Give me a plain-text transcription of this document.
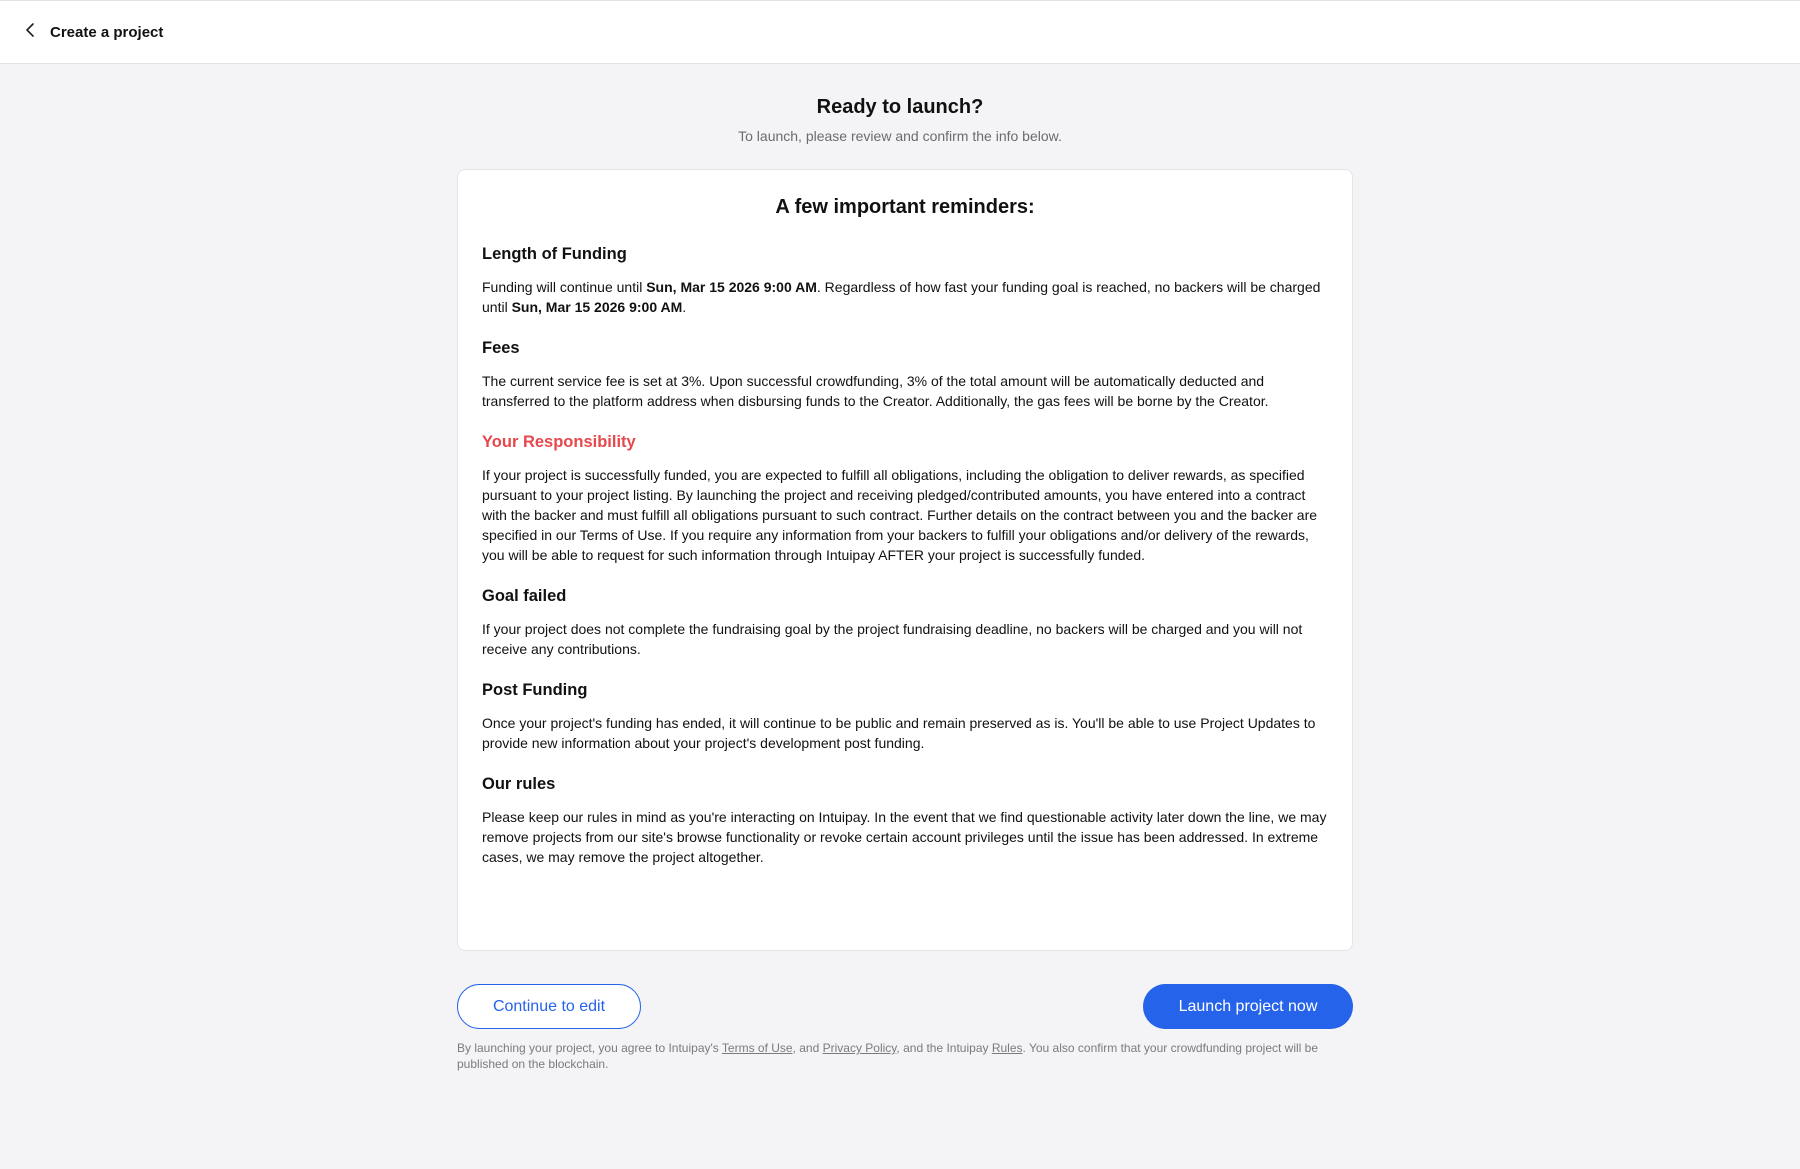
Create a project
Ready to launch?
To launch, please review and confirm the info below.
A few important reminders:
Length of Funding
Funding will continue until Sun, Mar 15 2026 9:00 AM. Regardless of how fast your funding goal is reached, no backers will be charged until Sun, Mar 15 2026 9:00 AM.
Fees
The current service fee is set at 3%. Upon successful crowdfunding, 3% of the total amount will be automatically deducted and transferred to the platform address when disbursing funds to the Creator. Additionally, the gas fees will be borne by the Creator.
Your Responsibility
If your project is successfully funded, you are expected to fulfill all obligations, including the obligation to deliver rewards, as specified pursuant to your project listing. By launching the project and receiving pledged/contributed amounts, you have entered into a contract with the backer and must fulfill all obligations pursuant to such contract. Further details on the contract between you and the backer are specified in our Terms of Use. If you require any information from your backers to fulfill your obligations and/or delivery of the rewards, you will be able to request for such information through Intuipay AFTER your project is successfully funded.
Goal failed
If your project does not complete the fundraising goal by the project fundraising deadline, no backers will be charged and you will not receive any contributions.
Post Funding
Once your project's funding has ended, it will continue to be public and remain preserved as is. You'll be able to use Project Updates to provide new information about your project's development post funding.
Our rules
Please keep our rules in mind as you're interacting on Intuipay. In the event that we find questionable activity later down the line, we may remove projects from our site's browse functionality or revoke certain account privileges until the issue has been addressed. In extreme cases, we may remove the project altogether.
Continue to edit	Launch project now
By launching your project, you agree to Intuipay's Terms of Use, and Privacy Policy, and the Intuipay Rules. You also confirm that your crowdfunding project will be published on the blockchain.
